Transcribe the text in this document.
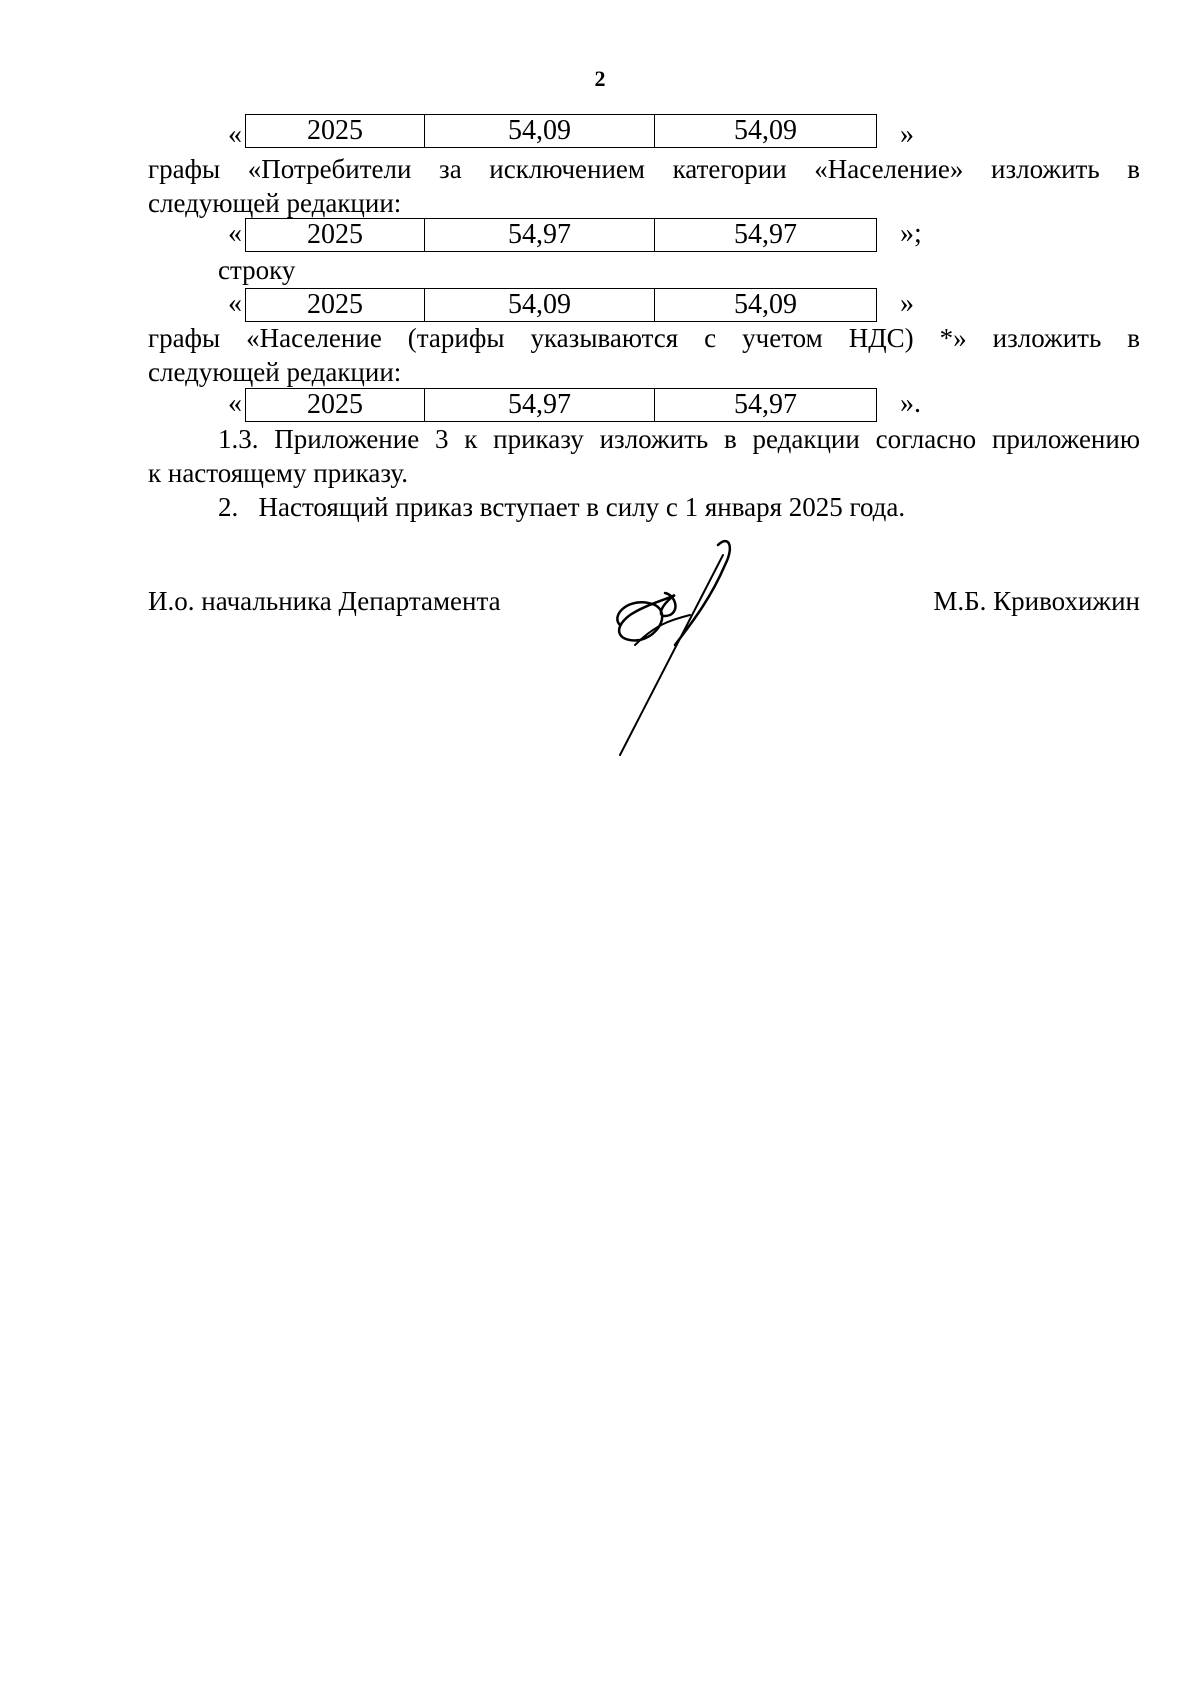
2
«	2025	54,09	54,09	»
графы «Потребители за исключением категории «Население» изложить в
следующей редакции:
«	2025	54,97	54,97	»;
строку
«	2025	54,09	54,09	»
графы «Население (тарифы указываются с учетом НДС) *» изложить в
следующей редакции:
«	2025	54,97	54,97	».
1.3. Приложение 3 к приказу изложить в редакции согласно приложению
к настоящему приказу.
2.   Настоящий приказ вступает в силу с 1 января 2025 года.
И.о. начальника Департамента	М.Б. Кривохижин
